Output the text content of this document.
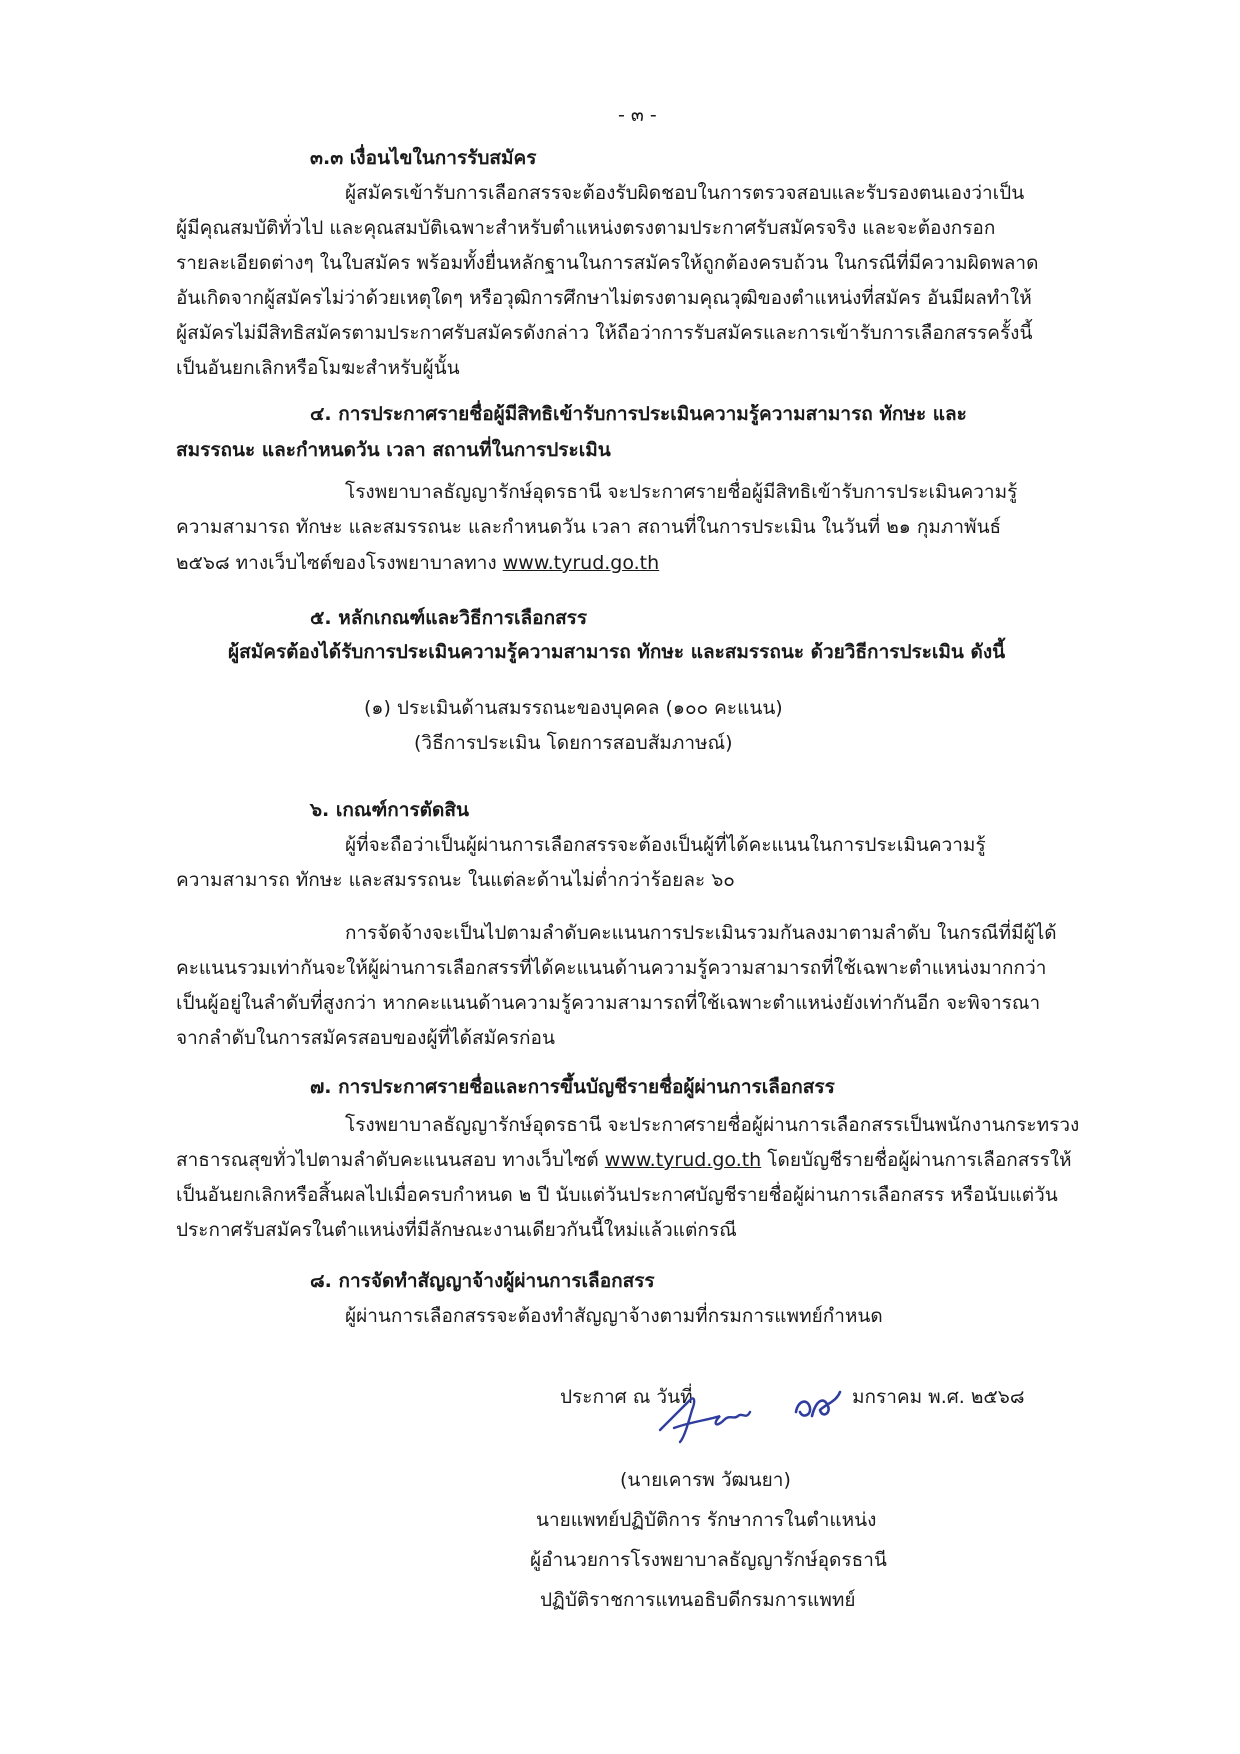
- ๓ -
๓.๓ เงื่อนไขในการรับสมัคร
ผู้สมัครเข้ารับการเลือกสรรจะต้องรับผิดชอบในการตรวจสอบและรับรองตนเองว่าเป็น
ผู้มีคุณสมบัติทั่วไป และคุณสมบัติเฉพาะสำหรับตำแหน่งตรงตามประกาศรับสมัครจริง และจะต้องกรอก
รายละเอียดต่างๆ ในใบสมัคร พร้อมทั้งยื่นหลักฐานในการสมัครให้ถูกต้องครบถ้วน ในกรณีที่มีความผิดพลาด
อันเกิดจากผู้สมัครไม่ว่าด้วยเหตุใดๆ หรือวุฒิการศึกษาไม่ตรงตามคุณวุฒิของตำแหน่งที่สมัคร อันมีผลทำให้
ผู้สมัครไม่มีสิทธิสมัครตามประกาศรับสมัครดังกล่าว ให้ถือว่าการรับสมัครและการเข้ารับการเลือกสรรครั้งนี้
เป็นอันยกเลิกหรือโมฆะสำหรับผู้นั้น
๔. การประกาศรายชื่อผู้มีสิทธิเข้ารับการประเมินความรู้ความสามารถ ทักษะ และ
สมรรถนะ และกำหนดวัน เวลา สถานที่ในการประเมิน
โรงพยาบาลธัญญารักษ์อุดรธานี จะประกาศรายชื่อผู้มีสิทธิเข้ารับการประเมินความรู้
ความสามารถ ทักษะ และสมรรถนะ และกำหนดวัน เวลา สถานที่ในการประเมิน ในวันที่ ๒๑ กุมภาพันธ์
๒๕๖๘ ทางเว็บไซต์ของโรงพยาบาลทาง www.tyrud.go.th
๕. หลักเกณฑ์และวิธีการเลือกสรร
ผู้สมัครต้องได้รับการประเมินความรู้ความสามารถ ทักษะ และสมรรถนะ ด้วยวิธีการประเมิน ดังนี้
(๑) ประเมินด้านสมรรถนะของบุคคล (๑๐๐ คะแนน)
(วิธีการประเมิน โดยการสอบสัมภาษณ์)
๖. เกณฑ์การตัดสิน
ผู้ที่จะถือว่าเป็นผู้ผ่านการเลือกสรรจะต้องเป็นผู้ที่ได้คะแนนในการประเมินความรู้
ความสามารถ ทักษะ และสมรรถนะ ในแต่ละด้านไม่ต่ำกว่าร้อยละ ๖๐
การจัดจ้างจะเป็นไปตามลำดับคะแนนการประเมินรวมกันลงมาตามลำดับ ในกรณีที่มีผู้ได้
คะแนนรวมเท่ากันจะให้ผู้ผ่านการเลือกสรรที่ได้คะแนนด้านความรู้ความสามารถที่ใช้เฉพาะตำแหน่งมากกว่า
เป็นผู้อยู่ในลำดับที่สูงกว่า หากคะแนนด้านความรู้ความสามารถที่ใช้เฉพาะตำแหน่งยังเท่ากันอีก จะพิจารณา
จากลำดับในการสมัครสอบของผู้ที่ได้สมัครก่อน
๗. การประกาศรายชื่อและการขึ้นบัญชีรายชื่อผู้ผ่านการเลือกสรร
โรงพยาบาลธัญญารักษ์อุดรธานี จะประกาศรายชื่อผู้ผ่านการเลือกสรรเป็นพนักงานกระทรวง
สาธารณสุขทั่วไปตามลำดับคะแนนสอบ ทางเว็บไซต์ www.tyrud.go.th โดยบัญชีรายชื่อผู้ผ่านการเลือกสรรให้
เป็นอันยกเลิกหรือสิ้นผลไปเมื่อครบกำหนด ๒ ปี นับแต่วันประกาศบัญชีรายชื่อผู้ผ่านการเลือกสรร หรือนับแต่วัน
ประกาศรับสมัครในตำแหน่งที่มีลักษณะงานเดียวกันนี้ใหม่แล้วแต่กรณี
๘. การจัดทำสัญญาจ้างผู้ผ่านการเลือกสรร
ผู้ผ่านการเลือกสรรจะต้องทำสัญญาจ้างตามที่กรมการแพทย์กำหนด
ประกาศ ณ วันที่
๒๔
มกราคม พ.ศ. ๒๕๖๘
(นายเคารพ วัฒนยา)
นายแพทย์ปฏิบัติการ รักษาการในตำแหน่ง
ผู้อำนวยการโรงพยาบาลธัญญารักษ์อุดรธานี
ปฏิบัติราชการแทนอธิบดีกรมการแพทย์
